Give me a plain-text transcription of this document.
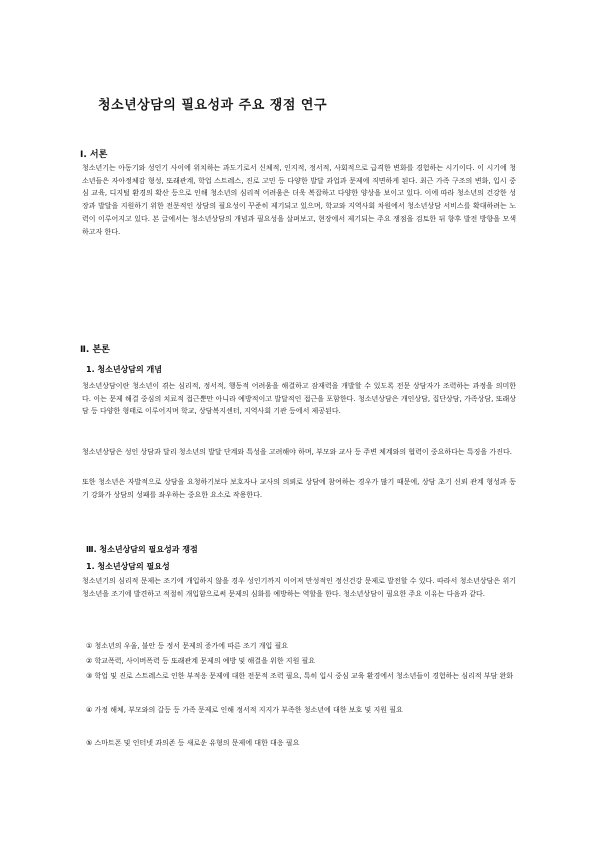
청소년상담의 필요성과 주요 쟁점 연구

Ⅰ. 서론

청소년기는 아동기와 성인기 사이에 위치하는 과도기로서 신체적, 인지적, 정서적, 사회적으로 급격한 변화를 경험하는 시기이다. 이 시기에 청소년들은 자아정체감 형성, 또래관계, 학업 스트레스, 진로 고민 등 다양한 발달 과업과 문제에 직면하게 된다. 최근 가족 구조의 변화, 입시 중심 교육, 디지털 환경의 확산 등으로 인해 청소년의 심리적 어려움은 더욱 복잡하고 다양한 양상을 보이고 있다. 이에 따라 청소년의 건강한 성장과 발달을 지원하기 위한 전문적인 상담의 필요성이 꾸준히 제기되고 있으며, 학교와 지역사회 차원에서 청소년상담 서비스를 확대하려는 노력이 이루어지고 있다. 본 글에서는 청소년상담의 개념과 필요성을 살펴보고, 현장에서 제기되는 주요 쟁점을 검토한 뒤 향후 발전 방향을 모색하고자 한다.

Ⅱ. 본론

1. 청소년상담의 개념

청소년상담이란 청소년이 겪는 심리적, 정서적, 행동적 어려움을 해결하고 잠재력을 개발할 수 있도록 전문 상담자가 조력하는 과정을 의미한다. 이는 문제 해결 중심의 치료적 접근뿐만 아니라 예방적이고 발달적인 접근을 포함한다. 청소년상담은 개인상담, 집단상담, 가족상담, 또래상담 등 다양한 형태로 이루어지며 학교, 상담복지센터, 지역사회 기관 등에서 제공된다.

청소년상담은 성인 상담과 달리 청소년의 발달 단계와 특성을 고려해야 하며, 부모와 교사 등 주변 체계와의 협력이 중요하다는 특징을 가진다.

또한 청소년은 자발적으로 상담을 요청하기보다 보호자나 교사의 의뢰로 상담에 참여하는 경우가 많기 때문에, 상담 초기 신뢰 관계 형성과 동기 강화가 상담의 성패를 좌우하는 중요한 요소로 작용한다.

Ⅲ. 청소년상담의 필요성과 쟁점

1. 청소년상담의 필요성

청소년기의 심리적 문제는 조기에 개입하지 않을 경우 성인기까지 이어져 만성적인 정신건강 문제로 발전할 수 있다. 따라서 청소년상담은 위기 청소년을 조기에 발견하고 적절히 개입함으로써 문제의 심화를 예방하는 역할을 한다. 청소년상담이 필요한 주요 이유는 다음과 같다.

① 청소년의 우울, 불안 등 정서 문제의 증가에 따른 조기 개입 필요

② 학교폭력, 사이버폭력 등 또래관계 문제의 예방 및 해결을 위한 지원 필요

③ 학업 및 진로 스트레스로 인한 부적응 문제에 대한 전문적 조력 필요, 특히 입시 중심 교육 환경에서 청소년들이 경험하는 심리적 부담 완화

④ 가정 해체, 부모와의 갈등 등 가족 문제로 인해 정서적 지지가 부족한 청소년에 대한 보호 및 지원 필요

⑤ 스마트폰 및 인터넷 과의존 등 새로운 유형의 문제에 대한 대응 필요
